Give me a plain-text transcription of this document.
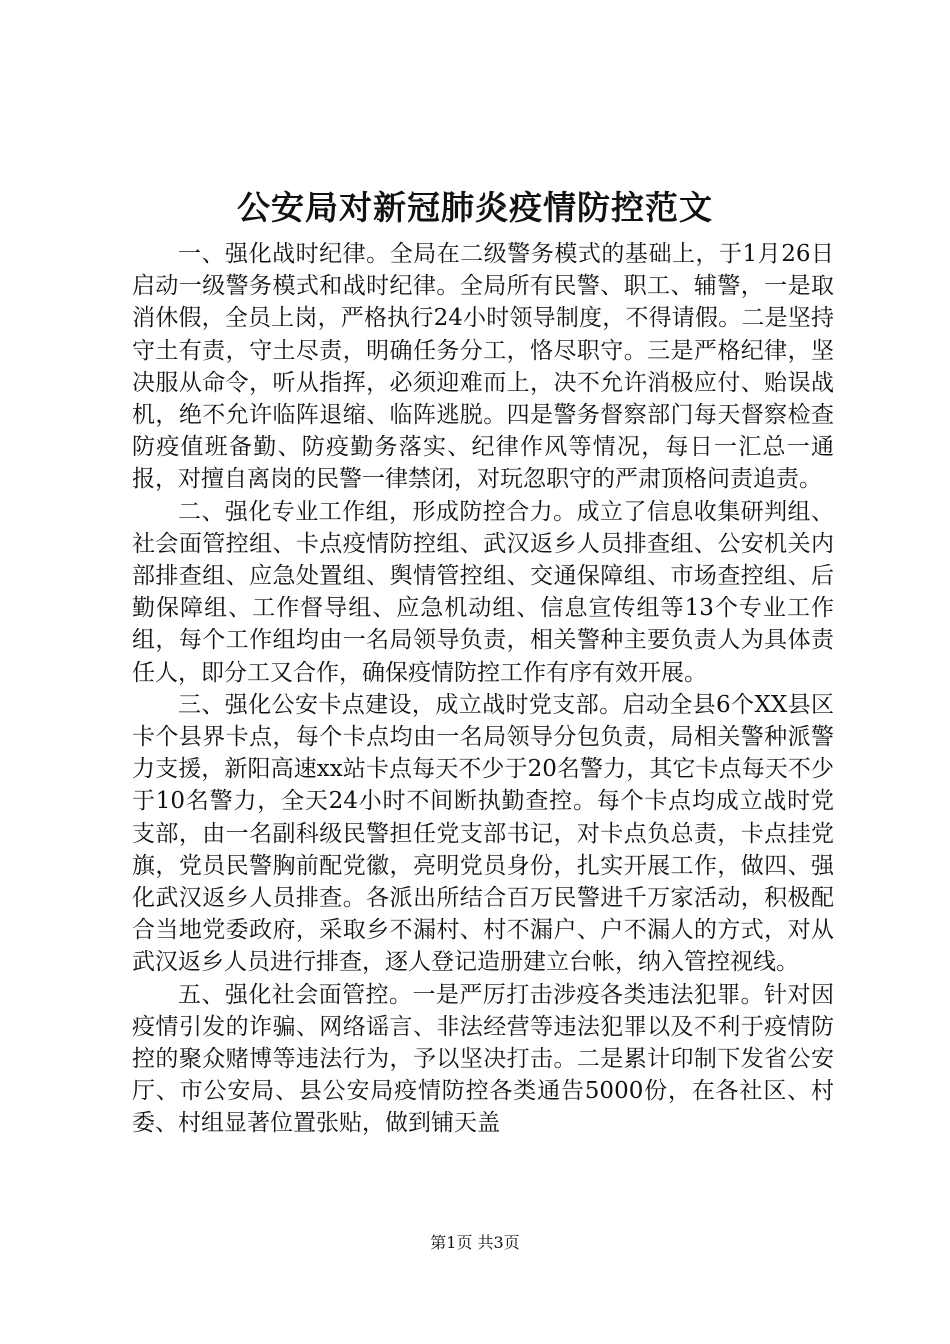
公安局对新冠肺炎疫情防控范文

一、强化战时纪律。全局在二级警务模式的基础上，于1月26日启动一级警务模式和战时纪律。全局所有民警、职工、辅警，一是取消休假，全员上岗，严格执行24小时领导制度，不得请假。二是坚持守土有责，守土尽责，明确任务分工，恪尽职守。三是严格纪律，坚决服从命令，听从指挥，必须迎难而上，决不允许消极应付、贻误战机，绝不允许临阵退缩、临阵逃脱。四是警务督察部门每天督察检查防疫值班备勤、防疫勤务落实、纪律作风等情况，每日一汇总一通报，对擅自离岗的民警一律禁闭，对玩忽职守的严肃顶格问责追责。

二、强化专业工作组，形成防控合力。成立了信息收集研判组、社会面管控组、卡点疫情防控组、武汉返乡人员排查组、公安机关内部排查组、应急处置组、舆情管控组、交通保障组、市场查控组、后勤保障组、工作督导组、应急机动组、信息宣传组等13个专业工作组，每个工作组均由一名局领导负责，相关警种主要负责人为具体责任人，即分工又合作，确保疫情防控工作有序有效开展。

三、强化公安卡点建设，成立战时党支部。启动全县6个XX县区卡个县界卡点，每个卡点均由一名局领导分包负责，局相关警种派警力支援，新阳高速xx站卡点每天不少于20名警力，其它卡点每天不少于10名警力，全天24小时不间断执勤查控。每个卡点均成立战时党支部，由一名副科级民警担任党支部书记，对卡点负总责，卡点挂党旗，党员民警胸前配党徽，亮明党员身份，扎实开展工作，做四、强化武汉返乡人员排查。各派出所结合百万民警进千万家活动，积极配合当地党委政府，采取乡不漏村、村不漏户、户不漏人的方式，对从武汉返乡人员进行排查，逐人登记造册建立台帐，纳入管控视线。

五、强化社会面管控。一是严厉打击涉疫各类违法犯罪。针对因疫情引发的诈骗、网络谣言、非法经营等违法犯罪以及不利于疫情防控的聚众赌博等违法行为，予以坚决打击。二是累计印制下发省公安厅、市公安局、县公安局疫情防控各类通告5000份，在各社区、村委、村组显著位置张贴，做到铺天盖

第1页 共3页
